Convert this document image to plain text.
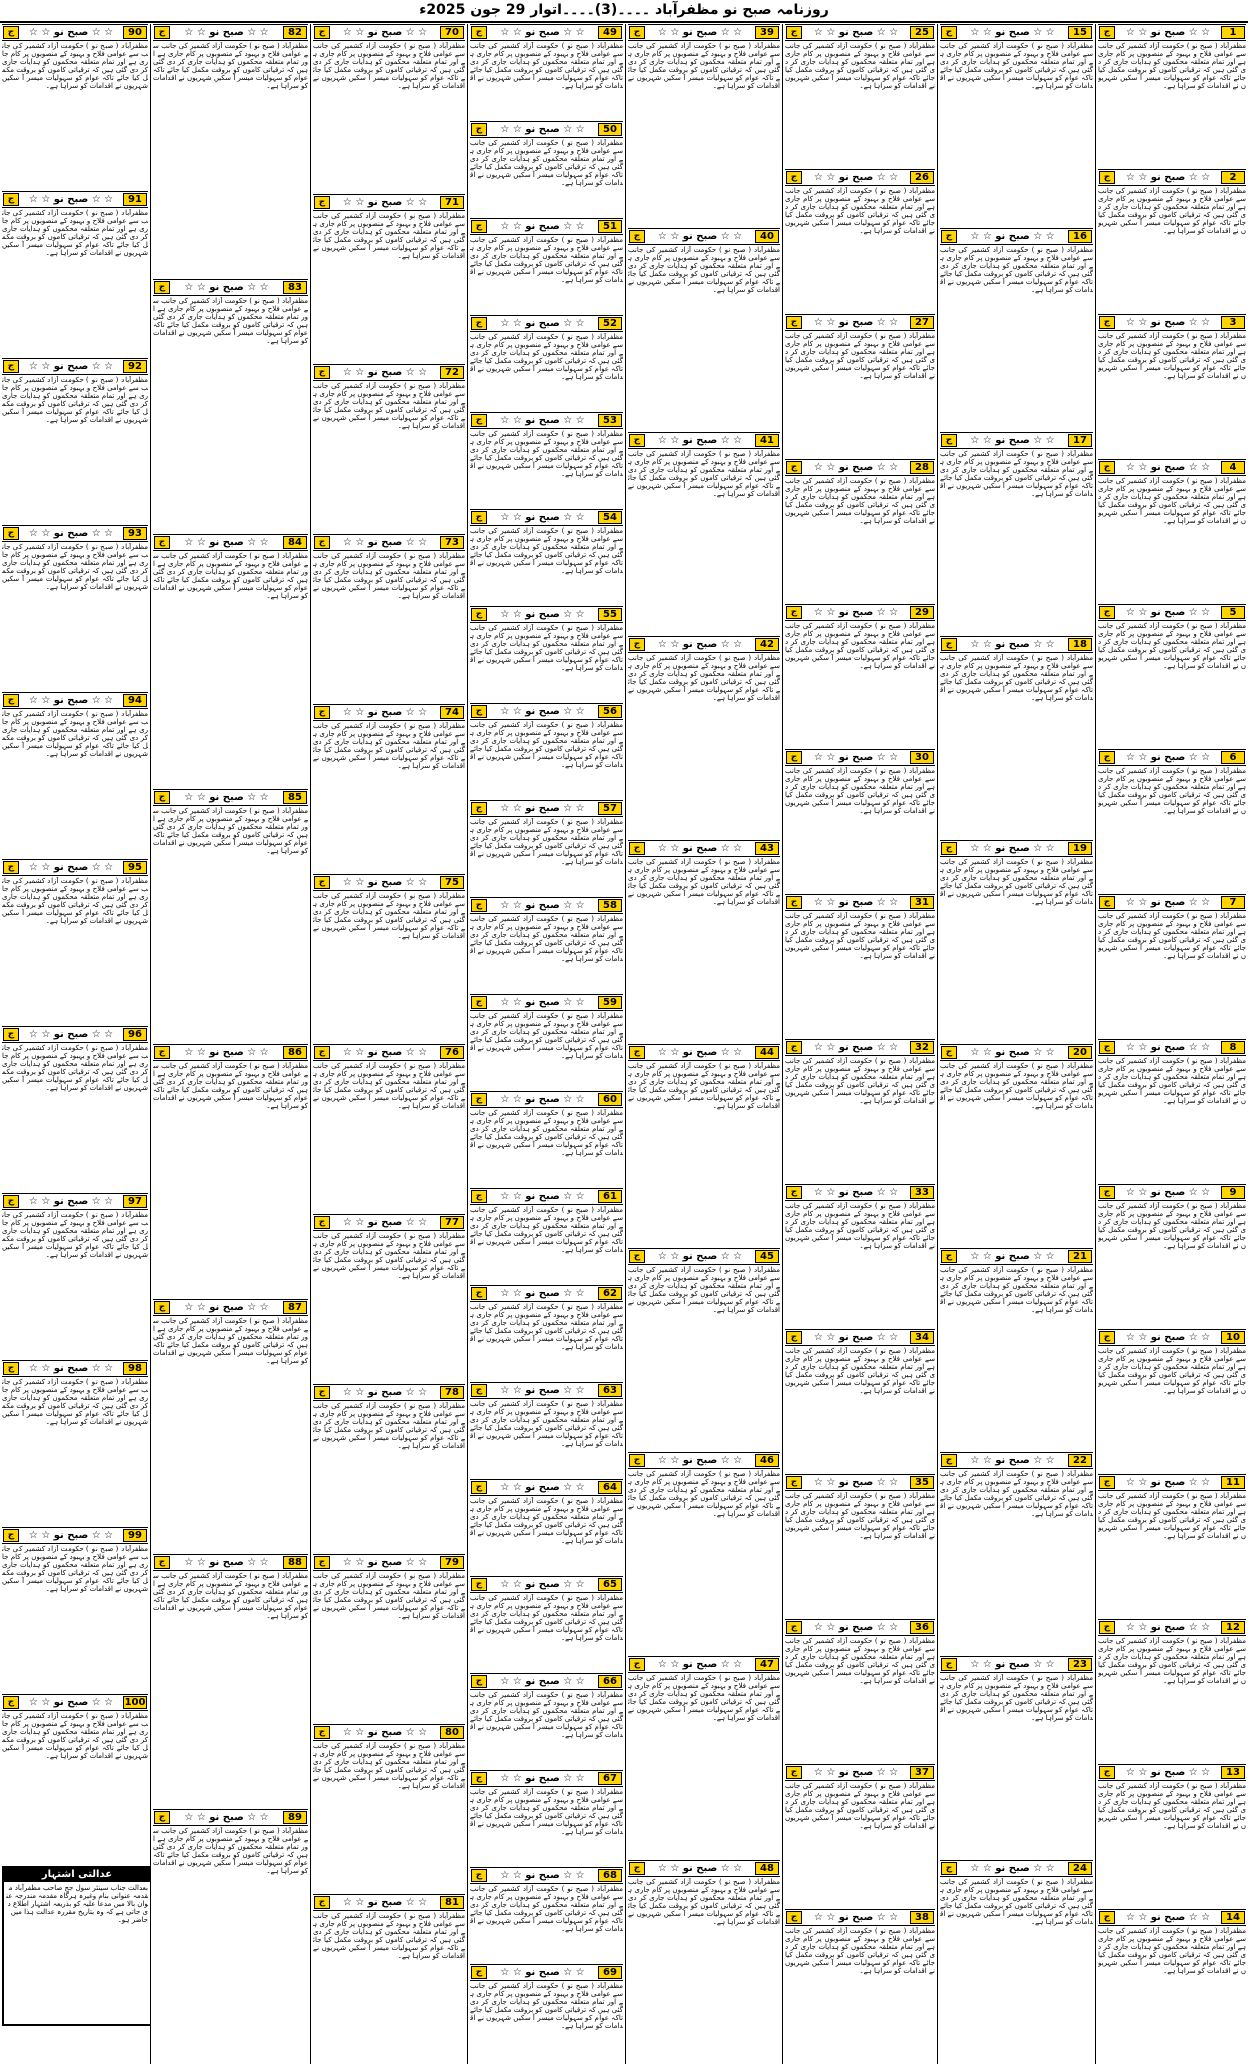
روزنامہ صبح نو مظفرآباد ۔۔۔۔(3)۔۔۔۔اتوار 29 جون 2025ء
1
☆ ☆ صبح نو ☆ ☆
ج
مظفرآباد ( صبح نو ) حکومت آزاد کشمیر کی جانب سے عوامی فلاح و بہبود کے منصوبوں پر کام جاری ہے اور تمام متعلقہ محکموں کو ہدایات جاری کر دی گئی ہیں کہ ترقیاتی کاموں کو بروقت مکمل کیا جائے تاکہ عوام کو سہولیات میسر آ سکیں شہریوں نے اقدامات کو سراہا ہے۔
2
☆ ☆ صبح نو ☆ ☆
ج
مظفرآباد ( صبح نو ) حکومت آزاد کشمیر کی جانب سے عوامی فلاح و بہبود کے منصوبوں پر کام جاری ہے اور تمام متعلقہ محکموں کو ہدایات جاری کر دی گئی ہیں کہ ترقیاتی کاموں کو بروقت مکمل کیا جائے تاکہ عوام کو سہولیات میسر آ سکیں شہریوں نے اقدامات کو سراہا ہے۔
3
☆ ☆ صبح نو ☆ ☆
ج
مظفرآباد ( صبح نو ) حکومت آزاد کشمیر کی جانب سے عوامی فلاح و بہبود کے منصوبوں پر کام جاری ہے اور تمام متعلقہ محکموں کو ہدایات جاری کر دی گئی ہیں کہ ترقیاتی کاموں کو بروقت مکمل کیا جائے تاکہ عوام کو سہولیات میسر آ سکیں شہریوں نے اقدامات کو سراہا ہے۔
4
☆ ☆ صبح نو ☆ ☆
ج
مظفرآباد ( صبح نو ) حکومت آزاد کشمیر کی جانب سے عوامی فلاح و بہبود کے منصوبوں پر کام جاری ہے اور تمام متعلقہ محکموں کو ہدایات جاری کر دی گئی ہیں کہ ترقیاتی کاموں کو بروقت مکمل کیا جائے تاکہ عوام کو سہولیات میسر آ سکیں شہریوں نے اقدامات کو سراہا ہے۔
5
☆ ☆ صبح نو ☆ ☆
ج
مظفرآباد ( صبح نو ) حکومت آزاد کشمیر کی جانب سے عوامی فلاح و بہبود کے منصوبوں پر کام جاری ہے اور تمام متعلقہ محکموں کو ہدایات جاری کر دی گئی ہیں کہ ترقیاتی کاموں کو بروقت مکمل کیا جائے تاکہ عوام کو سہولیات میسر آ سکیں شہریوں نے اقدامات کو سراہا ہے۔
6
☆ ☆ صبح نو ☆ ☆
ج
مظفرآباد ( صبح نو ) حکومت آزاد کشمیر کی جانب سے عوامی فلاح و بہبود کے منصوبوں پر کام جاری ہے اور تمام متعلقہ محکموں کو ہدایات جاری کر دی گئی ہیں کہ ترقیاتی کاموں کو بروقت مکمل کیا جائے تاکہ عوام کو سہولیات میسر آ سکیں شہریوں نے اقدامات کو سراہا ہے۔
7
☆ ☆ صبح نو ☆ ☆
ج
مظفرآباد ( صبح نو ) حکومت آزاد کشمیر کی جانب سے عوامی فلاح و بہبود کے منصوبوں پر کام جاری ہے اور تمام متعلقہ محکموں کو ہدایات جاری کر دی گئی ہیں کہ ترقیاتی کاموں کو بروقت مکمل کیا جائے تاکہ عوام کو سہولیات میسر آ سکیں شہریوں نے اقدامات کو سراہا ہے۔
8
☆ ☆ صبح نو ☆ ☆
ج
مظفرآباد ( صبح نو ) حکومت آزاد کشمیر کی جانب سے عوامی فلاح و بہبود کے منصوبوں پر کام جاری ہے اور تمام متعلقہ محکموں کو ہدایات جاری کر دی گئی ہیں کہ ترقیاتی کاموں کو بروقت مکمل کیا جائے تاکہ عوام کو سہولیات میسر آ سکیں شہریوں نے اقدامات کو سراہا ہے۔
9
☆ ☆ صبح نو ☆ ☆
ج
مظفرآباد ( صبح نو ) حکومت آزاد کشمیر کی جانب سے عوامی فلاح و بہبود کے منصوبوں پر کام جاری ہے اور تمام متعلقہ محکموں کو ہدایات جاری کر دی گئی ہیں کہ ترقیاتی کاموں کو بروقت مکمل کیا جائے تاکہ عوام کو سہولیات میسر آ سکیں شہریوں نے اقدامات کو سراہا ہے۔
10
☆ ☆ صبح نو ☆ ☆
ج
مظفرآباد ( صبح نو ) حکومت آزاد کشمیر کی جانب سے عوامی فلاح و بہبود کے منصوبوں پر کام جاری ہے اور تمام متعلقہ محکموں کو ہدایات جاری کر دی گئی ہیں کہ ترقیاتی کاموں کو بروقت مکمل کیا جائے تاکہ عوام کو سہولیات میسر آ سکیں شہریوں نے اقدامات کو سراہا ہے۔
11
☆ ☆ صبح نو ☆ ☆
ج
مظفرآباد ( صبح نو ) حکومت آزاد کشمیر کی جانب سے عوامی فلاح و بہبود کے منصوبوں پر کام جاری ہے اور تمام متعلقہ محکموں کو ہدایات جاری کر دی گئی ہیں کہ ترقیاتی کاموں کو بروقت مکمل کیا جائے تاکہ عوام کو سہولیات میسر آ سکیں شہریوں نے اقدامات کو سراہا ہے۔
12
☆ ☆ صبح نو ☆ ☆
ج
مظفرآباد ( صبح نو ) حکومت آزاد کشمیر کی جانب سے عوامی فلاح و بہبود کے منصوبوں پر کام جاری ہے اور تمام متعلقہ محکموں کو ہدایات جاری کر دی گئی ہیں کہ ترقیاتی کاموں کو بروقت مکمل کیا جائے تاکہ عوام کو سہولیات میسر آ سکیں شہریوں نے اقدامات کو سراہا ہے۔
13
☆ ☆ صبح نو ☆ ☆
ج
مظفرآباد ( صبح نو ) حکومت آزاد کشمیر کی جانب سے عوامی فلاح و بہبود کے منصوبوں پر کام جاری ہے اور تمام متعلقہ محکموں کو ہدایات جاری کر دی گئی ہیں کہ ترقیاتی کاموں کو بروقت مکمل کیا جائے تاکہ عوام کو سہولیات میسر آ سکیں شہریوں نے اقدامات کو سراہا ہے۔
14
☆ ☆ صبح نو ☆ ☆
ج
مظفرآباد ( صبح نو ) حکومت آزاد کشمیر کی جانب سے عوامی فلاح و بہبود کے منصوبوں پر کام جاری ہے اور تمام متعلقہ محکموں کو ہدایات جاری کر دی گئی ہیں کہ ترقیاتی کاموں کو بروقت مکمل کیا جائے تاکہ عوام کو سہولیات میسر آ سکیں شہریوں نے اقدامات کو سراہا ہے۔
15
☆ ☆ صبح نو ☆ ☆
ج
مظفرآباد ( صبح نو ) حکومت آزاد کشمیر کی جانب سے عوامی فلاح و بہبود کے منصوبوں پر کام جاری ہے اور تمام متعلقہ محکموں کو ہدایات جاری کر دی گئی ہیں کہ ترقیاتی کاموں کو بروقت مکمل کیا جائے تاکہ عوام کو سہولیات میسر آ سکیں شہریوں نے اقدامات کو سراہا ہے۔
16
☆ ☆ صبح نو ☆ ☆
ج
مظفرآباد ( صبح نو ) حکومت آزاد کشمیر کی جانب سے عوامی فلاح و بہبود کے منصوبوں پر کام جاری ہے اور تمام متعلقہ محکموں کو ہدایات جاری کر دی گئی ہیں کہ ترقیاتی کاموں کو بروقت مکمل کیا جائے تاکہ عوام کو سہولیات میسر آ سکیں شہریوں نے اقدامات کو سراہا ہے۔
17
☆ ☆ صبح نو ☆ ☆
ج
مظفرآباد ( صبح نو ) حکومت آزاد کشمیر کی جانب سے عوامی فلاح و بہبود کے منصوبوں پر کام جاری ہے اور تمام متعلقہ محکموں کو ہدایات جاری کر دی گئی ہیں کہ ترقیاتی کاموں کو بروقت مکمل کیا جائے تاکہ عوام کو سہولیات میسر آ سکیں شہریوں نے اقدامات کو سراہا ہے۔
18
☆ ☆ صبح نو ☆ ☆
ج
مظفرآباد ( صبح نو ) حکومت آزاد کشمیر کی جانب سے عوامی فلاح و بہبود کے منصوبوں پر کام جاری ہے اور تمام متعلقہ محکموں کو ہدایات جاری کر دی گئی ہیں کہ ترقیاتی کاموں کو بروقت مکمل کیا جائے تاکہ عوام کو سہولیات میسر آ سکیں شہریوں نے اقدامات کو سراہا ہے۔
19
☆ ☆ صبح نو ☆ ☆
ج
مظفرآباد ( صبح نو ) حکومت آزاد کشمیر کی جانب سے عوامی فلاح و بہبود کے منصوبوں پر کام جاری ہے اور تمام متعلقہ محکموں کو ہدایات جاری کر دی گئی ہیں کہ ترقیاتی کاموں کو بروقت مکمل کیا جائے تاکہ عوام کو سہولیات میسر آ سکیں شہریوں نے اقدامات کو سراہا ہے۔
20
☆ ☆ صبح نو ☆ ☆
ج
مظفرآباد ( صبح نو ) حکومت آزاد کشمیر کی جانب سے عوامی فلاح و بہبود کے منصوبوں پر کام جاری ہے اور تمام متعلقہ محکموں کو ہدایات جاری کر دی گئی ہیں کہ ترقیاتی کاموں کو بروقت مکمل کیا جائے تاکہ عوام کو سہولیات میسر آ سکیں شہریوں نے اقدامات کو سراہا ہے۔
21
☆ ☆ صبح نو ☆ ☆
ج
مظفرآباد ( صبح نو ) حکومت آزاد کشمیر کی جانب سے عوامی فلاح و بہبود کے منصوبوں پر کام جاری ہے اور تمام متعلقہ محکموں کو ہدایات جاری کر دی گئی ہیں کہ ترقیاتی کاموں کو بروقت مکمل کیا جائے تاکہ عوام کو سہولیات میسر آ سکیں شہریوں نے اقدامات کو سراہا ہے۔
22
☆ ☆ صبح نو ☆ ☆
ج
مظفرآباد ( صبح نو ) حکومت آزاد کشمیر کی جانب سے عوامی فلاح و بہبود کے منصوبوں پر کام جاری ہے اور تمام متعلقہ محکموں کو ہدایات جاری کر دی گئی ہیں کہ ترقیاتی کاموں کو بروقت مکمل کیا جائے تاکہ عوام کو سہولیات میسر آ سکیں شہریوں نے اقدامات کو سراہا ہے۔
23
☆ ☆ صبح نو ☆ ☆
ج
مظفرآباد ( صبح نو ) حکومت آزاد کشمیر کی جانب سے عوامی فلاح و بہبود کے منصوبوں پر کام جاری ہے اور تمام متعلقہ محکموں کو ہدایات جاری کر دی گئی ہیں کہ ترقیاتی کاموں کو بروقت مکمل کیا جائے تاکہ عوام کو سہولیات میسر آ سکیں شہریوں نے اقدامات کو سراہا ہے۔
24
☆ ☆ صبح نو ☆ ☆
ج
مظفرآباد ( صبح نو ) حکومت آزاد کشمیر کی جانب سے عوامی فلاح و بہبود کے منصوبوں پر کام جاری ہے اور تمام متعلقہ محکموں کو ہدایات جاری کر دی گئی ہیں کہ ترقیاتی کاموں کو بروقت مکمل کیا جائے تاکہ عوام کو سہولیات میسر آ سکیں شہریوں نے اقدامات کو سراہا ہے۔
25
☆ ☆ صبح نو ☆ ☆
ج
مظفرآباد ( صبح نو ) حکومت آزاد کشمیر کی جانب سے عوامی فلاح و بہبود کے منصوبوں پر کام جاری ہے اور تمام متعلقہ محکموں کو ہدایات جاری کر دی گئی ہیں کہ ترقیاتی کاموں کو بروقت مکمل کیا جائے تاکہ عوام کو سہولیات میسر آ سکیں شہریوں نے اقدامات کو سراہا ہے۔
26
☆ ☆ صبح نو ☆ ☆
ج
مظفرآباد ( صبح نو ) حکومت آزاد کشمیر کی جانب سے عوامی فلاح و بہبود کے منصوبوں پر کام جاری ہے اور تمام متعلقہ محکموں کو ہدایات جاری کر دی گئی ہیں کہ ترقیاتی کاموں کو بروقت مکمل کیا جائے تاکہ عوام کو سہولیات میسر آ سکیں شہریوں نے اقدامات کو سراہا ہے۔
27
☆ ☆ صبح نو ☆ ☆
ج
مظفرآباد ( صبح نو ) حکومت آزاد کشمیر کی جانب سے عوامی فلاح و بہبود کے منصوبوں پر کام جاری ہے اور تمام متعلقہ محکموں کو ہدایات جاری کر دی گئی ہیں کہ ترقیاتی کاموں کو بروقت مکمل کیا جائے تاکہ عوام کو سہولیات میسر آ سکیں شہریوں نے اقدامات کو سراہا ہے۔
28
☆ ☆ صبح نو ☆ ☆
ج
مظفرآباد ( صبح نو ) حکومت آزاد کشمیر کی جانب سے عوامی فلاح و بہبود کے منصوبوں پر کام جاری ہے اور تمام متعلقہ محکموں کو ہدایات جاری کر دی گئی ہیں کہ ترقیاتی کاموں کو بروقت مکمل کیا جائے تاکہ عوام کو سہولیات میسر آ سکیں شہریوں نے اقدامات کو سراہا ہے۔
29
☆ ☆ صبح نو ☆ ☆
ج
مظفرآباد ( صبح نو ) حکومت آزاد کشمیر کی جانب سے عوامی فلاح و بہبود کے منصوبوں پر کام جاری ہے اور تمام متعلقہ محکموں کو ہدایات جاری کر دی گئی ہیں کہ ترقیاتی کاموں کو بروقت مکمل کیا جائے تاکہ عوام کو سہولیات میسر آ سکیں شہریوں نے اقدامات کو سراہا ہے۔
30
☆ ☆ صبح نو ☆ ☆
ج
مظفرآباد ( صبح نو ) حکومت آزاد کشمیر کی جانب سے عوامی فلاح و بہبود کے منصوبوں پر کام جاری ہے اور تمام متعلقہ محکموں کو ہدایات جاری کر دی گئی ہیں کہ ترقیاتی کاموں کو بروقت مکمل کیا جائے تاکہ عوام کو سہولیات میسر آ سکیں شہریوں نے اقدامات کو سراہا ہے۔
31
☆ ☆ صبح نو ☆ ☆
ج
مظفرآباد ( صبح نو ) حکومت آزاد کشمیر کی جانب سے عوامی فلاح و بہبود کے منصوبوں پر کام جاری ہے اور تمام متعلقہ محکموں کو ہدایات جاری کر دی گئی ہیں کہ ترقیاتی کاموں کو بروقت مکمل کیا جائے تاکہ عوام کو سہولیات میسر آ سکیں شہریوں نے اقدامات کو سراہا ہے۔
32
☆ ☆ صبح نو ☆ ☆
ج
مظفرآباد ( صبح نو ) حکومت آزاد کشمیر کی جانب سے عوامی فلاح و بہبود کے منصوبوں پر کام جاری ہے اور تمام متعلقہ محکموں کو ہدایات جاری کر دی گئی ہیں کہ ترقیاتی کاموں کو بروقت مکمل کیا جائے تاکہ عوام کو سہولیات میسر آ سکیں شہریوں نے اقدامات کو سراہا ہے۔
33
☆ ☆ صبح نو ☆ ☆
ج
مظفرآباد ( صبح نو ) حکومت آزاد کشمیر کی جانب سے عوامی فلاح و بہبود کے منصوبوں پر کام جاری ہے اور تمام متعلقہ محکموں کو ہدایات جاری کر دی گئی ہیں کہ ترقیاتی کاموں کو بروقت مکمل کیا جائے تاکہ عوام کو سہولیات میسر آ سکیں شہریوں نے اقدامات کو سراہا ہے۔
34
☆ ☆ صبح نو ☆ ☆
ج
مظفرآباد ( صبح نو ) حکومت آزاد کشمیر کی جانب سے عوامی فلاح و بہبود کے منصوبوں پر کام جاری ہے اور تمام متعلقہ محکموں کو ہدایات جاری کر دی گئی ہیں کہ ترقیاتی کاموں کو بروقت مکمل کیا جائے تاکہ عوام کو سہولیات میسر آ سکیں شہریوں نے اقدامات کو سراہا ہے۔
35
☆ ☆ صبح نو ☆ ☆
ج
مظفرآباد ( صبح نو ) حکومت آزاد کشمیر کی جانب سے عوامی فلاح و بہبود کے منصوبوں پر کام جاری ہے اور تمام متعلقہ محکموں کو ہدایات جاری کر دی گئی ہیں کہ ترقیاتی کاموں کو بروقت مکمل کیا جائے تاکہ عوام کو سہولیات میسر آ سکیں شہریوں نے اقدامات کو سراہا ہے۔
36
☆ ☆ صبح نو ☆ ☆
ج
مظفرآباد ( صبح نو ) حکومت آزاد کشمیر کی جانب سے عوامی فلاح و بہبود کے منصوبوں پر کام جاری ہے اور تمام متعلقہ محکموں کو ہدایات جاری کر دی گئی ہیں کہ ترقیاتی کاموں کو بروقت مکمل کیا جائے تاکہ عوام کو سہولیات میسر آ سکیں شہریوں نے اقدامات کو سراہا ہے۔
37
☆ ☆ صبح نو ☆ ☆
ج
مظفرآباد ( صبح نو ) حکومت آزاد کشمیر کی جانب سے عوامی فلاح و بہبود کے منصوبوں پر کام جاری ہے اور تمام متعلقہ محکموں کو ہدایات جاری کر دی گئی ہیں کہ ترقیاتی کاموں کو بروقت مکمل کیا جائے تاکہ عوام کو سہولیات میسر آ سکیں شہریوں نے اقدامات کو سراہا ہے۔
38
☆ ☆ صبح نو ☆ ☆
ج
مظفرآباد ( صبح نو ) حکومت آزاد کشمیر کی جانب سے عوامی فلاح و بہبود کے منصوبوں پر کام جاری ہے اور تمام متعلقہ محکموں کو ہدایات جاری کر دی گئی ہیں کہ ترقیاتی کاموں کو بروقت مکمل کیا جائے تاکہ عوام کو سہولیات میسر آ سکیں شہریوں نے اقدامات کو سراہا ہے۔
39
☆ ☆ صبح نو ☆ ☆
ج
مظفرآباد ( صبح نو ) حکومت آزاد کشمیر کی جانب سے عوامی فلاح و بہبود کے منصوبوں پر کام جاری ہے اور تمام متعلقہ محکموں کو ہدایات جاری کر دی گئی ہیں کہ ترقیاتی کاموں کو بروقت مکمل کیا جائے تاکہ عوام کو سہولیات میسر آ سکیں شہریوں نے اقدامات کو سراہا ہے۔
40
☆ ☆ صبح نو ☆ ☆
ج
مظفرآباد ( صبح نو ) حکومت آزاد کشمیر کی جانب سے عوامی فلاح و بہبود کے منصوبوں پر کام جاری ہے اور تمام متعلقہ محکموں کو ہدایات جاری کر دی گئی ہیں کہ ترقیاتی کاموں کو بروقت مکمل کیا جائے تاکہ عوام کو سہولیات میسر آ سکیں شہریوں نے اقدامات کو سراہا ہے۔
41
☆ ☆ صبح نو ☆ ☆
ج
مظفرآباد ( صبح نو ) حکومت آزاد کشمیر کی جانب سے عوامی فلاح و بہبود کے منصوبوں پر کام جاری ہے اور تمام متعلقہ محکموں کو ہدایات جاری کر دی گئی ہیں کہ ترقیاتی کاموں کو بروقت مکمل کیا جائے تاکہ عوام کو سہولیات میسر آ سکیں شہریوں نے اقدامات کو سراہا ہے۔
42
☆ ☆ صبح نو ☆ ☆
ج
مظفرآباد ( صبح نو ) حکومت آزاد کشمیر کی جانب سے عوامی فلاح و بہبود کے منصوبوں پر کام جاری ہے اور تمام متعلقہ محکموں کو ہدایات جاری کر دی گئی ہیں کہ ترقیاتی کاموں کو بروقت مکمل کیا جائے تاکہ عوام کو سہولیات میسر آ سکیں شہریوں نے اقدامات کو سراہا ہے۔
43
☆ ☆ صبح نو ☆ ☆
ج
مظفرآباد ( صبح نو ) حکومت آزاد کشمیر کی جانب سے عوامی فلاح و بہبود کے منصوبوں پر کام جاری ہے اور تمام متعلقہ محکموں کو ہدایات جاری کر دی گئی ہیں کہ ترقیاتی کاموں کو بروقت مکمل کیا جائے تاکہ عوام کو سہولیات میسر آ سکیں شہریوں نے اقدامات کو سراہا ہے۔
44
☆ ☆ صبح نو ☆ ☆
ج
مظفرآباد ( صبح نو ) حکومت آزاد کشمیر کی جانب سے عوامی فلاح و بہبود کے منصوبوں پر کام جاری ہے اور تمام متعلقہ محکموں کو ہدایات جاری کر دی گئی ہیں کہ ترقیاتی کاموں کو بروقت مکمل کیا جائے تاکہ عوام کو سہولیات میسر آ سکیں شہریوں نے اقدامات کو سراہا ہے۔
45
☆ ☆ صبح نو ☆ ☆
ج
مظفرآباد ( صبح نو ) حکومت آزاد کشمیر کی جانب سے عوامی فلاح و بہبود کے منصوبوں پر کام جاری ہے اور تمام متعلقہ محکموں کو ہدایات جاری کر دی گئی ہیں کہ ترقیاتی کاموں کو بروقت مکمل کیا جائے تاکہ عوام کو سہولیات میسر آ سکیں شہریوں نے اقدامات کو سراہا ہے۔
46
☆ ☆ صبح نو ☆ ☆
ج
مظفرآباد ( صبح نو ) حکومت آزاد کشمیر کی جانب سے عوامی فلاح و بہبود کے منصوبوں پر کام جاری ہے اور تمام متعلقہ محکموں کو ہدایات جاری کر دی گئی ہیں کہ ترقیاتی کاموں کو بروقت مکمل کیا جائے تاکہ عوام کو سہولیات میسر آ سکیں شہریوں نے اقدامات کو سراہا ہے۔
47
☆ ☆ صبح نو ☆ ☆
ج
مظفرآباد ( صبح نو ) حکومت آزاد کشمیر کی جانب سے عوامی فلاح و بہبود کے منصوبوں پر کام جاری ہے اور تمام متعلقہ محکموں کو ہدایات جاری کر دی گئی ہیں کہ ترقیاتی کاموں کو بروقت مکمل کیا جائے تاکہ عوام کو سہولیات میسر آ سکیں شہریوں نے اقدامات کو سراہا ہے۔
48
☆ ☆ صبح نو ☆ ☆
ج
مظفرآباد ( صبح نو ) حکومت آزاد کشمیر کی جانب سے عوامی فلاح و بہبود کے منصوبوں پر کام جاری ہے اور تمام متعلقہ محکموں کو ہدایات جاری کر دی گئی ہیں کہ ترقیاتی کاموں کو بروقت مکمل کیا جائے تاکہ عوام کو سہولیات میسر آ سکیں شہریوں نے اقدامات کو سراہا ہے۔
49
☆ ☆ صبح نو ☆ ☆
ج
مظفرآباد ( صبح نو ) حکومت آزاد کشمیر کی جانب سے عوامی فلاح و بہبود کے منصوبوں پر کام جاری ہے اور تمام متعلقہ محکموں کو ہدایات جاری کر دی گئی ہیں کہ ترقیاتی کاموں کو بروقت مکمل کیا جائے تاکہ عوام کو سہولیات میسر آ سکیں شہریوں نے اقدامات کو سراہا ہے۔
50
☆ ☆ صبح نو ☆ ☆
ج
مظفرآباد ( صبح نو ) حکومت آزاد کشمیر کی جانب سے عوامی فلاح و بہبود کے منصوبوں پر کام جاری ہے اور تمام متعلقہ محکموں کو ہدایات جاری کر دی گئی ہیں کہ ترقیاتی کاموں کو بروقت مکمل کیا جائے تاکہ عوام کو سہولیات میسر آ سکیں شہریوں نے اقدامات کو سراہا ہے۔
51
☆ ☆ صبح نو ☆ ☆
ج
مظفرآباد ( صبح نو ) حکومت آزاد کشمیر کی جانب سے عوامی فلاح و بہبود کے منصوبوں پر کام جاری ہے اور تمام متعلقہ محکموں کو ہدایات جاری کر دی گئی ہیں کہ ترقیاتی کاموں کو بروقت مکمل کیا جائے تاکہ عوام کو سہولیات میسر آ سکیں شہریوں نے اقدامات کو سراہا ہے۔
52
☆ ☆ صبح نو ☆ ☆
ج
مظفرآباد ( صبح نو ) حکومت آزاد کشمیر کی جانب سے عوامی فلاح و بہبود کے منصوبوں پر کام جاری ہے اور تمام متعلقہ محکموں کو ہدایات جاری کر دی گئی ہیں کہ ترقیاتی کاموں کو بروقت مکمل کیا جائے تاکہ عوام کو سہولیات میسر آ سکیں شہریوں نے اقدامات کو سراہا ہے۔
53
☆ ☆ صبح نو ☆ ☆
ج
مظفرآباد ( صبح نو ) حکومت آزاد کشمیر کی جانب سے عوامی فلاح و بہبود کے منصوبوں پر کام جاری ہے اور تمام متعلقہ محکموں کو ہدایات جاری کر دی گئی ہیں کہ ترقیاتی کاموں کو بروقت مکمل کیا جائے تاکہ عوام کو سہولیات میسر آ سکیں شہریوں نے اقدامات کو سراہا ہے۔
54
☆ ☆ صبح نو ☆ ☆
ج
مظفرآباد ( صبح نو ) حکومت آزاد کشمیر کی جانب سے عوامی فلاح و بہبود کے منصوبوں پر کام جاری ہے اور تمام متعلقہ محکموں کو ہدایات جاری کر دی گئی ہیں کہ ترقیاتی کاموں کو بروقت مکمل کیا جائے تاکہ عوام کو سہولیات میسر آ سکیں شہریوں نے اقدامات کو سراہا ہے۔
55
☆ ☆ صبح نو ☆ ☆
ج
مظفرآباد ( صبح نو ) حکومت آزاد کشمیر کی جانب سے عوامی فلاح و بہبود کے منصوبوں پر کام جاری ہے اور تمام متعلقہ محکموں کو ہدایات جاری کر دی گئی ہیں کہ ترقیاتی کاموں کو بروقت مکمل کیا جائے تاکہ عوام کو سہولیات میسر آ سکیں شہریوں نے اقدامات کو سراہا ہے۔
56
☆ ☆ صبح نو ☆ ☆
ج
مظفرآباد ( صبح نو ) حکومت آزاد کشمیر کی جانب سے عوامی فلاح و بہبود کے منصوبوں پر کام جاری ہے اور تمام متعلقہ محکموں کو ہدایات جاری کر دی گئی ہیں کہ ترقیاتی کاموں کو بروقت مکمل کیا جائے تاکہ عوام کو سہولیات میسر آ سکیں شہریوں نے اقدامات کو سراہا ہے۔
57
☆ ☆ صبح نو ☆ ☆
ج
مظفرآباد ( صبح نو ) حکومت آزاد کشمیر کی جانب سے عوامی فلاح و بہبود کے منصوبوں پر کام جاری ہے اور تمام متعلقہ محکموں کو ہدایات جاری کر دی گئی ہیں کہ ترقیاتی کاموں کو بروقت مکمل کیا جائے تاکہ عوام کو سہولیات میسر آ سکیں شہریوں نے اقدامات کو سراہا ہے۔
58
☆ ☆ صبح نو ☆ ☆
ج
مظفرآباد ( صبح نو ) حکومت آزاد کشمیر کی جانب سے عوامی فلاح و بہبود کے منصوبوں پر کام جاری ہے اور تمام متعلقہ محکموں کو ہدایات جاری کر دی گئی ہیں کہ ترقیاتی کاموں کو بروقت مکمل کیا جائے تاکہ عوام کو سہولیات میسر آ سکیں شہریوں نے اقدامات کو سراہا ہے۔
59
☆ ☆ صبح نو ☆ ☆
ج
مظفرآباد ( صبح نو ) حکومت آزاد کشمیر کی جانب سے عوامی فلاح و بہبود کے منصوبوں پر کام جاری ہے اور تمام متعلقہ محکموں کو ہدایات جاری کر دی گئی ہیں کہ ترقیاتی کاموں کو بروقت مکمل کیا جائے تاکہ عوام کو سہولیات میسر آ سکیں شہریوں نے اقدامات کو سراہا ہے۔
60
☆ ☆ صبح نو ☆ ☆
ج
مظفرآباد ( صبح نو ) حکومت آزاد کشمیر کی جانب سے عوامی فلاح و بہبود کے منصوبوں پر کام جاری ہے اور تمام متعلقہ محکموں کو ہدایات جاری کر دی گئی ہیں کہ ترقیاتی کاموں کو بروقت مکمل کیا جائے تاکہ عوام کو سہولیات میسر آ سکیں شہریوں نے اقدامات کو سراہا ہے۔
61
☆ ☆ صبح نو ☆ ☆
ج
مظفرآباد ( صبح نو ) حکومت آزاد کشمیر کی جانب سے عوامی فلاح و بہبود کے منصوبوں پر کام جاری ہے اور تمام متعلقہ محکموں کو ہدایات جاری کر دی گئی ہیں کہ ترقیاتی کاموں کو بروقت مکمل کیا جائے تاکہ عوام کو سہولیات میسر آ سکیں شہریوں نے اقدامات کو سراہا ہے۔
62
☆ ☆ صبح نو ☆ ☆
ج
مظفرآباد ( صبح نو ) حکومت آزاد کشمیر کی جانب سے عوامی فلاح و بہبود کے منصوبوں پر کام جاری ہے اور تمام متعلقہ محکموں کو ہدایات جاری کر دی گئی ہیں کہ ترقیاتی کاموں کو بروقت مکمل کیا جائے تاکہ عوام کو سہولیات میسر آ سکیں شہریوں نے اقدامات کو سراہا ہے۔
63
☆ ☆ صبح نو ☆ ☆
ج
مظفرآباد ( صبح نو ) حکومت آزاد کشمیر کی جانب سے عوامی فلاح و بہبود کے منصوبوں پر کام جاری ہے اور تمام متعلقہ محکموں کو ہدایات جاری کر دی گئی ہیں کہ ترقیاتی کاموں کو بروقت مکمل کیا جائے تاکہ عوام کو سہولیات میسر آ سکیں شہریوں نے اقدامات کو سراہا ہے۔
64
☆ ☆ صبح نو ☆ ☆
ج
مظفرآباد ( صبح نو ) حکومت آزاد کشمیر کی جانب سے عوامی فلاح و بہبود کے منصوبوں پر کام جاری ہے اور تمام متعلقہ محکموں کو ہدایات جاری کر دی گئی ہیں کہ ترقیاتی کاموں کو بروقت مکمل کیا جائے تاکہ عوام کو سہولیات میسر آ سکیں شہریوں نے اقدامات کو سراہا ہے۔
65
☆ ☆ صبح نو ☆ ☆
ج
مظفرآباد ( صبح نو ) حکومت آزاد کشمیر کی جانب سے عوامی فلاح و بہبود کے منصوبوں پر کام جاری ہے اور تمام متعلقہ محکموں کو ہدایات جاری کر دی گئی ہیں کہ ترقیاتی کاموں کو بروقت مکمل کیا جائے تاکہ عوام کو سہولیات میسر آ سکیں شہریوں نے اقدامات کو سراہا ہے۔
66
☆ ☆ صبح نو ☆ ☆
ج
مظفرآباد ( صبح نو ) حکومت آزاد کشمیر کی جانب سے عوامی فلاح و بہبود کے منصوبوں پر کام جاری ہے اور تمام متعلقہ محکموں کو ہدایات جاری کر دی گئی ہیں کہ ترقیاتی کاموں کو بروقت مکمل کیا جائے تاکہ عوام کو سہولیات میسر آ سکیں شہریوں نے اقدامات کو سراہا ہے۔
67
☆ ☆ صبح نو ☆ ☆
ج
مظفرآباد ( صبح نو ) حکومت آزاد کشمیر کی جانب سے عوامی فلاح و بہبود کے منصوبوں پر کام جاری ہے اور تمام متعلقہ محکموں کو ہدایات جاری کر دی گئی ہیں کہ ترقیاتی کاموں کو بروقت مکمل کیا جائے تاکہ عوام کو سہولیات میسر آ سکیں شہریوں نے اقدامات کو سراہا ہے۔
68
☆ ☆ صبح نو ☆ ☆
ج
مظفرآباد ( صبح نو ) حکومت آزاد کشمیر کی جانب سے عوامی فلاح و بہبود کے منصوبوں پر کام جاری ہے اور تمام متعلقہ محکموں کو ہدایات جاری کر دی گئی ہیں کہ ترقیاتی کاموں کو بروقت مکمل کیا جائے تاکہ عوام کو سہولیات میسر آ سکیں شہریوں نے اقدامات کو سراہا ہے۔
69
☆ ☆ صبح نو ☆ ☆
ج
مظفرآباد ( صبح نو ) حکومت آزاد کشمیر کی جانب سے عوامی فلاح و بہبود کے منصوبوں پر کام جاری ہے اور تمام متعلقہ محکموں کو ہدایات جاری کر دی گئی ہیں کہ ترقیاتی کاموں کو بروقت مکمل کیا جائے تاکہ عوام کو سہولیات میسر آ سکیں شہریوں نے اقدامات کو سراہا ہے۔
70
☆ ☆ صبح نو ☆ ☆
ج
مظفرآباد ( صبح نو ) حکومت آزاد کشمیر کی جانب سے عوامی فلاح و بہبود کے منصوبوں پر کام جاری ہے اور تمام متعلقہ محکموں کو ہدایات جاری کر دی گئی ہیں کہ ترقیاتی کاموں کو بروقت مکمل کیا جائے تاکہ عوام کو سہولیات میسر آ سکیں شہریوں نے اقدامات کو سراہا ہے۔
71
☆ ☆ صبح نو ☆ ☆
ج
مظفرآباد ( صبح نو ) حکومت آزاد کشمیر کی جانب سے عوامی فلاح و بہبود کے منصوبوں پر کام جاری ہے اور تمام متعلقہ محکموں کو ہدایات جاری کر دی گئی ہیں کہ ترقیاتی کاموں کو بروقت مکمل کیا جائے تاکہ عوام کو سہولیات میسر آ سکیں شہریوں نے اقدامات کو سراہا ہے۔
72
☆ ☆ صبح نو ☆ ☆
ج
مظفرآباد ( صبح نو ) حکومت آزاد کشمیر کی جانب سے عوامی فلاح و بہبود کے منصوبوں پر کام جاری ہے اور تمام متعلقہ محکموں کو ہدایات جاری کر دی گئی ہیں کہ ترقیاتی کاموں کو بروقت مکمل کیا جائے تاکہ عوام کو سہولیات میسر آ سکیں شہریوں نے اقدامات کو سراہا ہے۔
73
☆ ☆ صبح نو ☆ ☆
ج
مظفرآباد ( صبح نو ) حکومت آزاد کشمیر کی جانب سے عوامی فلاح و بہبود کے منصوبوں پر کام جاری ہے اور تمام متعلقہ محکموں کو ہدایات جاری کر دی گئی ہیں کہ ترقیاتی کاموں کو بروقت مکمل کیا جائے تاکہ عوام کو سہولیات میسر آ سکیں شہریوں نے اقدامات کو سراہا ہے۔
74
☆ ☆ صبح نو ☆ ☆
ج
مظفرآباد ( صبح نو ) حکومت آزاد کشمیر کی جانب سے عوامی فلاح و بہبود کے منصوبوں پر کام جاری ہے اور تمام متعلقہ محکموں کو ہدایات جاری کر دی گئی ہیں کہ ترقیاتی کاموں کو بروقت مکمل کیا جائے تاکہ عوام کو سہولیات میسر آ سکیں شہریوں نے اقدامات کو سراہا ہے۔
75
☆ ☆ صبح نو ☆ ☆
ج
مظفرآباد ( صبح نو ) حکومت آزاد کشمیر کی جانب سے عوامی فلاح و بہبود کے منصوبوں پر کام جاری ہے اور تمام متعلقہ محکموں کو ہدایات جاری کر دی گئی ہیں کہ ترقیاتی کاموں کو بروقت مکمل کیا جائے تاکہ عوام کو سہولیات میسر آ سکیں شہریوں نے اقدامات کو سراہا ہے۔
76
☆ ☆ صبح نو ☆ ☆
ج
مظفرآباد ( صبح نو ) حکومت آزاد کشمیر کی جانب سے عوامی فلاح و بہبود کے منصوبوں پر کام جاری ہے اور تمام متعلقہ محکموں کو ہدایات جاری کر دی گئی ہیں کہ ترقیاتی کاموں کو بروقت مکمل کیا جائے تاکہ عوام کو سہولیات میسر آ سکیں شہریوں نے اقدامات کو سراہا ہے۔
77
☆ ☆ صبح نو ☆ ☆
ج
مظفرآباد ( صبح نو ) حکومت آزاد کشمیر کی جانب سے عوامی فلاح و بہبود کے منصوبوں پر کام جاری ہے اور تمام متعلقہ محکموں کو ہدایات جاری کر دی گئی ہیں کہ ترقیاتی کاموں کو بروقت مکمل کیا جائے تاکہ عوام کو سہولیات میسر آ سکیں شہریوں نے اقدامات کو سراہا ہے۔
78
☆ ☆ صبح نو ☆ ☆
ج
مظفرآباد ( صبح نو ) حکومت آزاد کشمیر کی جانب سے عوامی فلاح و بہبود کے منصوبوں پر کام جاری ہے اور تمام متعلقہ محکموں کو ہدایات جاری کر دی گئی ہیں کہ ترقیاتی کاموں کو بروقت مکمل کیا جائے تاکہ عوام کو سہولیات میسر آ سکیں شہریوں نے اقدامات کو سراہا ہے۔
79
☆ ☆ صبح نو ☆ ☆
ج
مظفرآباد ( صبح نو ) حکومت آزاد کشمیر کی جانب سے عوامی فلاح و بہبود کے منصوبوں پر کام جاری ہے اور تمام متعلقہ محکموں کو ہدایات جاری کر دی گئی ہیں کہ ترقیاتی کاموں کو بروقت مکمل کیا جائے تاکہ عوام کو سہولیات میسر آ سکیں شہریوں نے اقدامات کو سراہا ہے۔
80
☆ ☆ صبح نو ☆ ☆
ج
مظفرآباد ( صبح نو ) حکومت آزاد کشمیر کی جانب سے عوامی فلاح و بہبود کے منصوبوں پر کام جاری ہے اور تمام متعلقہ محکموں کو ہدایات جاری کر دی گئی ہیں کہ ترقیاتی کاموں کو بروقت مکمل کیا جائے تاکہ عوام کو سہولیات میسر آ سکیں شہریوں نے اقدامات کو سراہا ہے۔
81
☆ ☆ صبح نو ☆ ☆
ج
مظفرآباد ( صبح نو ) حکومت آزاد کشمیر کی جانب سے عوامی فلاح و بہبود کے منصوبوں پر کام جاری ہے اور تمام متعلقہ محکموں کو ہدایات جاری کر دی گئی ہیں کہ ترقیاتی کاموں کو بروقت مکمل کیا جائے تاکہ عوام کو سہولیات میسر آ سکیں شہریوں نے اقدامات کو سراہا ہے۔
82
☆ ☆ صبح نو ☆ ☆
ج
مظفرآباد ( صبح نو ) حکومت آزاد کشمیر کی جانب سے عوامی فلاح و بہبود کے منصوبوں پر کام جاری ہے اور تمام متعلقہ محکموں کو ہدایات جاری کر دی گئی ہیں کہ ترقیاتی کاموں کو بروقت مکمل کیا جائے تاکہ عوام کو سہولیات میسر آ سکیں شہریوں نے اقدامات کو سراہا ہے۔
83
☆ ☆ صبح نو ☆ ☆
ج
مظفرآباد ( صبح نو ) حکومت آزاد کشمیر کی جانب سے عوامی فلاح و بہبود کے منصوبوں پر کام جاری ہے اور تمام متعلقہ محکموں کو ہدایات جاری کر دی گئی ہیں کہ ترقیاتی کاموں کو بروقت مکمل کیا جائے تاکہ عوام کو سہولیات میسر آ سکیں شہریوں نے اقدامات کو سراہا ہے۔
84
☆ ☆ صبح نو ☆ ☆
ج
مظفرآباد ( صبح نو ) حکومت آزاد کشمیر کی جانب سے عوامی فلاح و بہبود کے منصوبوں پر کام جاری ہے اور تمام متعلقہ محکموں کو ہدایات جاری کر دی گئی ہیں کہ ترقیاتی کاموں کو بروقت مکمل کیا جائے تاکہ عوام کو سہولیات میسر آ سکیں شہریوں نے اقدامات کو سراہا ہے۔
85
☆ ☆ صبح نو ☆ ☆
ج
مظفرآباد ( صبح نو ) حکومت آزاد کشمیر کی جانب سے عوامی فلاح و بہبود کے منصوبوں پر کام جاری ہے اور تمام متعلقہ محکموں کو ہدایات جاری کر دی گئی ہیں کہ ترقیاتی کاموں کو بروقت مکمل کیا جائے تاکہ عوام کو سہولیات میسر آ سکیں شہریوں نے اقدامات کو سراہا ہے۔
86
☆ ☆ صبح نو ☆ ☆
ج
مظفرآباد ( صبح نو ) حکومت آزاد کشمیر کی جانب سے عوامی فلاح و بہبود کے منصوبوں پر کام جاری ہے اور تمام متعلقہ محکموں کو ہدایات جاری کر دی گئی ہیں کہ ترقیاتی کاموں کو بروقت مکمل کیا جائے تاکہ عوام کو سہولیات میسر آ سکیں شہریوں نے اقدامات کو سراہا ہے۔
87
☆ ☆ صبح نو ☆ ☆
ج
مظفرآباد ( صبح نو ) حکومت آزاد کشمیر کی جانب سے عوامی فلاح و بہبود کے منصوبوں پر کام جاری ہے اور تمام متعلقہ محکموں کو ہدایات جاری کر دی گئی ہیں کہ ترقیاتی کاموں کو بروقت مکمل کیا جائے تاکہ عوام کو سہولیات میسر آ سکیں شہریوں نے اقدامات کو سراہا ہے۔
88
☆ ☆ صبح نو ☆ ☆
ج
مظفرآباد ( صبح نو ) حکومت آزاد کشمیر کی جانب سے عوامی فلاح و بہبود کے منصوبوں پر کام جاری ہے اور تمام متعلقہ محکموں کو ہدایات جاری کر دی گئی ہیں کہ ترقیاتی کاموں کو بروقت مکمل کیا جائے تاکہ عوام کو سہولیات میسر آ سکیں شہریوں نے اقدامات کو سراہا ہے۔
89
☆ ☆ صبح نو ☆ ☆
ج
مظفرآباد ( صبح نو ) حکومت آزاد کشمیر کی جانب سے عوامی فلاح و بہبود کے منصوبوں پر کام جاری ہے اور تمام متعلقہ محکموں کو ہدایات جاری کر دی گئی ہیں کہ ترقیاتی کاموں کو بروقت مکمل کیا جائے تاکہ عوام کو سہولیات میسر آ سکیں شہریوں نے اقدامات کو سراہا ہے۔
90
☆ ☆ صبح نو ☆ ☆
ج
مظفرآباد ( صبح نو ) حکومت آزاد کشمیر کی جانب سے عوامی فلاح و بہبود کے منصوبوں پر کام جاری ہے اور تمام متعلقہ محکموں کو ہدایات جاری کر دی گئی ہیں کہ ترقیاتی کاموں کو بروقت مکمل کیا جائے تاکہ عوام کو سہولیات میسر آ سکیں شہریوں نے اقدامات کو سراہا ہے۔
91
☆ ☆ صبح نو ☆ ☆
ج
مظفرآباد ( صبح نو ) حکومت آزاد کشمیر کی جانب سے عوامی فلاح و بہبود کے منصوبوں پر کام جاری ہے اور تمام متعلقہ محکموں کو ہدایات جاری کر دی گئی ہیں کہ ترقیاتی کاموں کو بروقت مکمل کیا جائے تاکہ عوام کو سہولیات میسر آ سکیں شہریوں نے اقدامات کو سراہا ہے۔
92
☆ ☆ صبح نو ☆ ☆
ج
مظفرآباد ( صبح نو ) حکومت آزاد کشمیر کی جانب سے عوامی فلاح و بہبود کے منصوبوں پر کام جاری ہے اور تمام متعلقہ محکموں کو ہدایات جاری کر دی گئی ہیں کہ ترقیاتی کاموں کو بروقت مکمل کیا جائے تاکہ عوام کو سہولیات میسر آ سکیں شہریوں نے اقدامات کو سراہا ہے۔
93
☆ ☆ صبح نو ☆ ☆
ج
مظفرآباد ( صبح نو ) حکومت آزاد کشمیر کی جانب سے عوامی فلاح و بہبود کے منصوبوں پر کام جاری ہے اور تمام متعلقہ محکموں کو ہدایات جاری کر دی گئی ہیں کہ ترقیاتی کاموں کو بروقت مکمل کیا جائے تاکہ عوام کو سہولیات میسر آ سکیں شہریوں نے اقدامات کو سراہا ہے۔
94
☆ ☆ صبح نو ☆ ☆
ج
مظفرآباد ( صبح نو ) حکومت آزاد کشمیر کی جانب سے عوامی فلاح و بہبود کے منصوبوں پر کام جاری ہے اور تمام متعلقہ محکموں کو ہدایات جاری کر دی گئی ہیں کہ ترقیاتی کاموں کو بروقت مکمل کیا جائے تاکہ عوام کو سہولیات میسر آ سکیں شہریوں نے اقدامات کو سراہا ہے۔
95
☆ ☆ صبح نو ☆ ☆
ج
مظفرآباد ( صبح نو ) حکومت آزاد کشمیر کی جانب سے عوامی فلاح و بہبود کے منصوبوں پر کام جاری ہے اور تمام متعلقہ محکموں کو ہدایات جاری کر دی گئی ہیں کہ ترقیاتی کاموں کو بروقت مکمل کیا جائے تاکہ عوام کو سہولیات میسر آ سکیں شہریوں نے اقدامات کو سراہا ہے۔
96
☆ ☆ صبح نو ☆ ☆
ج
مظفرآباد ( صبح نو ) حکومت آزاد کشمیر کی جانب سے عوامی فلاح و بہبود کے منصوبوں پر کام جاری ہے اور تمام متعلقہ محکموں کو ہدایات جاری کر دی گئی ہیں کہ ترقیاتی کاموں کو بروقت مکمل کیا جائے تاکہ عوام کو سہولیات میسر آ سکیں شہریوں نے اقدامات کو سراہا ہے۔
97
☆ ☆ صبح نو ☆ ☆
ج
مظفرآباد ( صبح نو ) حکومت آزاد کشمیر کی جانب سے عوامی فلاح و بہبود کے منصوبوں پر کام جاری ہے اور تمام متعلقہ محکموں کو ہدایات جاری کر دی گئی ہیں کہ ترقیاتی کاموں کو بروقت مکمل کیا جائے تاکہ عوام کو سہولیات میسر آ سکیں شہریوں نے اقدامات کو سراہا ہے۔
98
☆ ☆ صبح نو ☆ ☆
ج
مظفرآباد ( صبح نو ) حکومت آزاد کشمیر کی جانب سے عوامی فلاح و بہبود کے منصوبوں پر کام جاری ہے اور تمام متعلقہ محکموں کو ہدایات جاری کر دی گئی ہیں کہ ترقیاتی کاموں کو بروقت مکمل کیا جائے تاکہ عوام کو سہولیات میسر آ سکیں شہریوں نے اقدامات کو سراہا ہے۔
99
☆ ☆ صبح نو ☆ ☆
ج
مظفرآباد ( صبح نو ) حکومت آزاد کشمیر کی جانب سے عوامی فلاح و بہبود کے منصوبوں پر کام جاری ہے اور تمام متعلقہ محکموں کو ہدایات جاری کر دی گئی ہیں کہ ترقیاتی کاموں کو بروقت مکمل کیا جائے تاکہ عوام کو سہولیات میسر آ سکیں شہریوں نے اقدامات کو سراہا ہے۔
100
☆ ☆ صبح نو ☆ ☆
ج
مظفرآباد ( صبح نو ) حکومت آزاد کشمیر کی جانب سے عوامی فلاح و بہبود کے منصوبوں پر کام جاری ہے اور تمام متعلقہ محکموں کو ہدایات جاری کر دی گئی ہیں کہ ترقیاتی کاموں کو بروقت مکمل کیا جائے تاکہ عوام کو سہولیات میسر آ سکیں شہریوں نے اقدامات کو سراہا ہے۔
عدالتی اشتہار
بعدالت جناب سینئر سول جج صاحب مظفرآباد مقدمہ عنوانی بنام وغیرہ ہرگاہ مقدمہ مندرجہ عنوان بالا میں مدعا علیہ کو بذریعہ اشتہار اطلاع دی جاتی ہے کہ وہ بتاریخ مقررہ عدالت ہذا میں حاضر ہو۔
